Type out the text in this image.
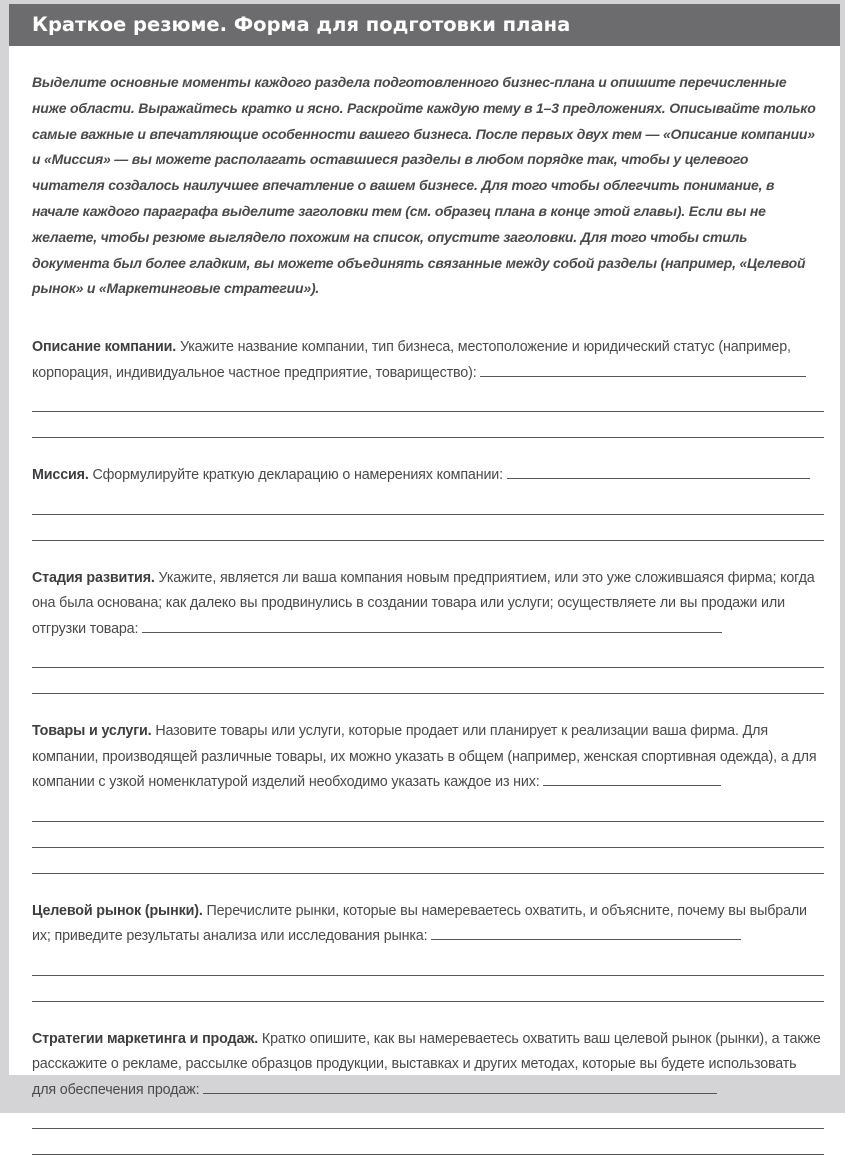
Краткое резюме. Форма для подготовки плана

Выделите основные моменты каждого раздела подготовленного бизнес-плана и опишите перечисленные ниже области. Выражайтесь кратко и ясно. Раскройте каждую тему в 1–3 предложениях. Описывайте только самые важные и впечатляющие особенности вашего бизнеса. После первых двух тем — «Описание компании» и «Миссия» — вы можете располагать оставшиеся разделы в любом порядке так, чтобы у целевого читателя создалось наилучшее впечатление о вашем бизнесе. Для того чтобы облегчить понимание, в начале каждого параграфа выделите заголовки тем (см. образец плана в конце этой главы). Если вы не желаете, чтобы резюме выглядело похожим на список, опустите заголовки. Для того чтобы стиль документа был более гладким, вы можете объединять связанные между собой разделы (например, «Целевой рынок» и «Маркетинговые стратегии»).

Описание компании. Укажите название компании, тип бизнеса, местоположение и юридический статус (например, корпорация, индивидуальное частное предприятие, товарищество):

Миссия. Сформулируйте краткую декларацию о намерениях компании:

Стадия развития. Укажите, является ли ваша компания новым предприятием, или это уже сложившаяся фирма; когда она была основана; как далеко вы продвинулись в создании товара или услуги; осуществляете ли вы продажи или отгрузки товара:

Товары и услуги. Назовите товары или услуги, которые продает или планирует к реализации ваша фирма. Для компании, производящей различные товары, их можно указать в общем (например, женская спортивная одежда), а для компании с узкой номенклатурой изделий необходимо указать каждое из них:

Целевой рынок (рынки). Перечислите рынки, которые вы намереваетесь охватить, и объясните, почему вы выбрали их; приведите результаты анализа или исследования рынка:

Стратегии маркетинга и продаж. Кратко опишите, как вы намереваетесь охватить ваш целевой рынок (рынки), а также расскажите о рекламе, рассылке образцов продукции, выставках и других методах, которые вы будете использовать для обеспечения продаж:
